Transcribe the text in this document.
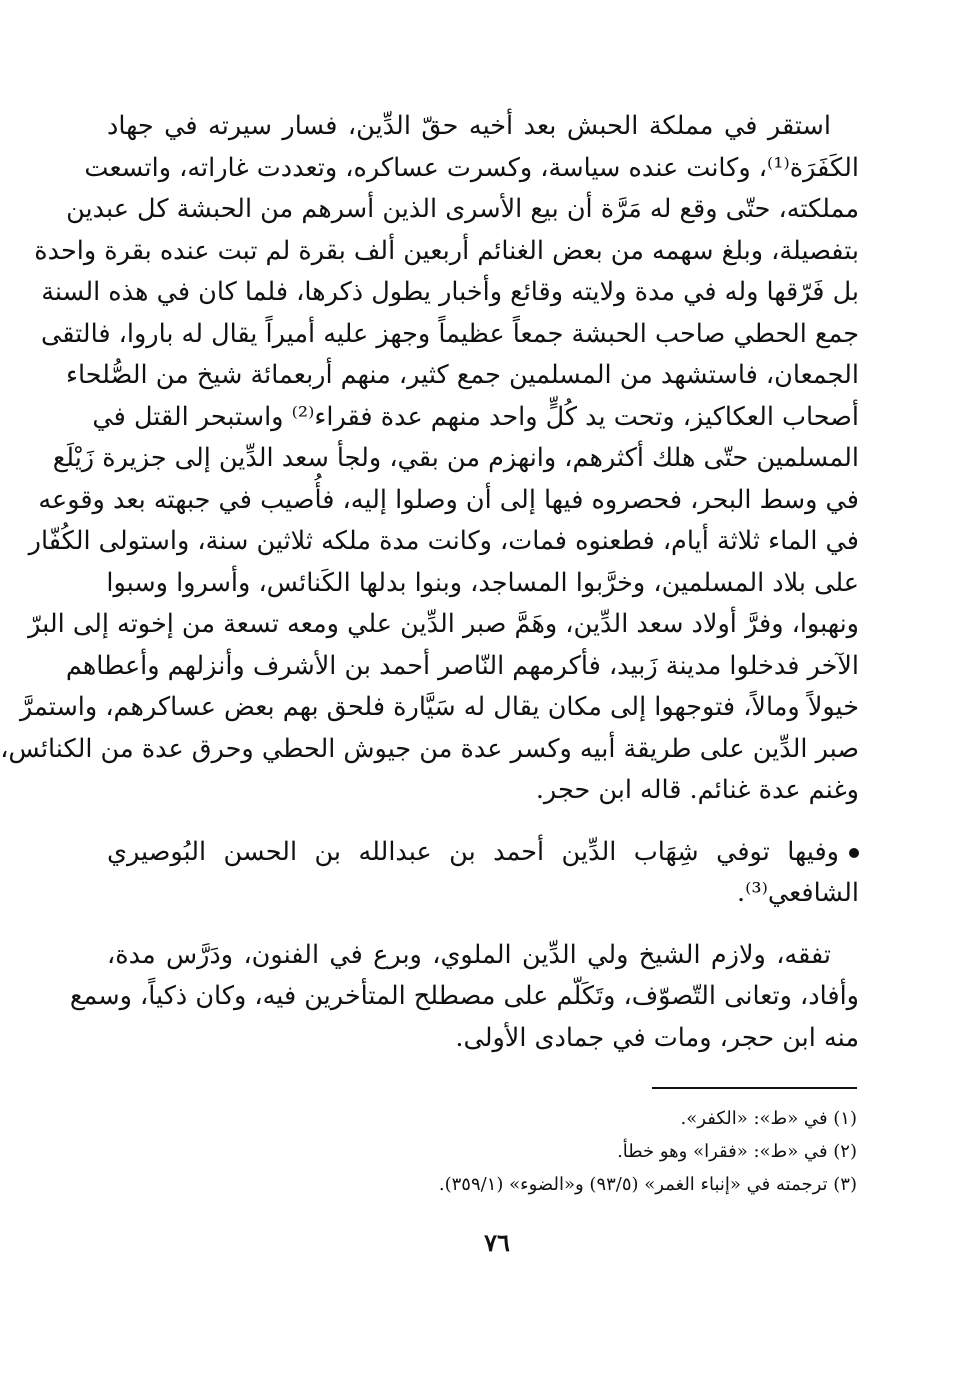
استقر في مملكة الحبش بعد أخيه حقّ الدِّين، فسار سيرته في جهاد
الكَفَرَة⁽¹⁾، وكانت عنده سياسة، وكسرت عساكره، وتعددت غاراته، واتسعت
مملكته، حتّى وقع له مَرَّة أن بيع الأسرى الذين أسرهم من الحبشة كل عبدين
بتفصيلة، وبلغ سهمه من بعض الغنائم أربعين ألف بقرة لم تبت عنده بقرة واحدة
بل فَرّقها وله في مدة ولايته وقائع وأخبار يطول ذكرها، فلما كان في هذه السنة
جمع الحطي صاحب الحبشة جمعاً عظيماً وجهز عليه أميراً يقال له باروا، فالتقى
الجمعان، فاستشهد من المسلمين جمع كثير، منهم أربعمائة شيخ من الصُّلحاء
أصحاب العكاكيز، وتحت يد كُلٍّ واحد منهم عدة فقراء⁽²⁾ واستبحر القتل في
المسلمين حتّى هلك أكثرهم، وانهزم من بقي، ولجأ سعد الدِّين إلى جزيرة زَيْلَع
في وسط البحر، فحصروه فيها إلى أن وصلوا إليه، فأُصيب في جبهته بعد وقوعه
في الماء ثلاثة أيام، فطعنوه فمات، وكانت مدة ملكه ثلاثين سنة، واستولى الكُفّار
على بلاد المسلمين، وخرَّبوا المساجد، وبنوا بدلها الكَنائس، وأسروا وسبوا
ونهبوا، وفرَّ أولاد سعد الدِّين، وهَمَّ صبر الدِّين علي ومعه تسعة من إخوته إلى البرّ
الآخر فدخلوا مدينة زَبيد، فأكرمهم النّاصر أحمد بن الأشرف وأنزلهم وأعطاهم
خيولاً ومالاً، فتوجهوا إلى مكان يقال له سَيَّارة فلحق بهم بعض عساكرهم، واستمرَّ
صبر الدِّين على طريقة أبيه وكسر عدة من جيوش الحطي وحرق عدة من الكنائس،
وغنم عدة غنائم. قاله ابن حجر.

وفيها توفي شِهَاب الدِّين أحمد بن عبدالله بن الحسن البُوصيري
الشافعي⁽³⁾.

تفقه، ولازم الشيخ ولي الدِّين الملوي، وبرع في الفنون، ودَرَّس مدة،
وأفاد، وتعانى التّصوّف، وتَكَلّم على مصطلح المتأخرين فيه، وكان ذكياً، وسمع
منه ابن حجر، ومات في جمادى الأولى.

(١) في «ط»: «الكفر».
(٢) في «ط»: «فقرا» وهو خطأ.
(٣) ترجمته في «إنباء الغمر» (٩٣/٥) و«الضوء» (٣٥٩/١).
٧٦
